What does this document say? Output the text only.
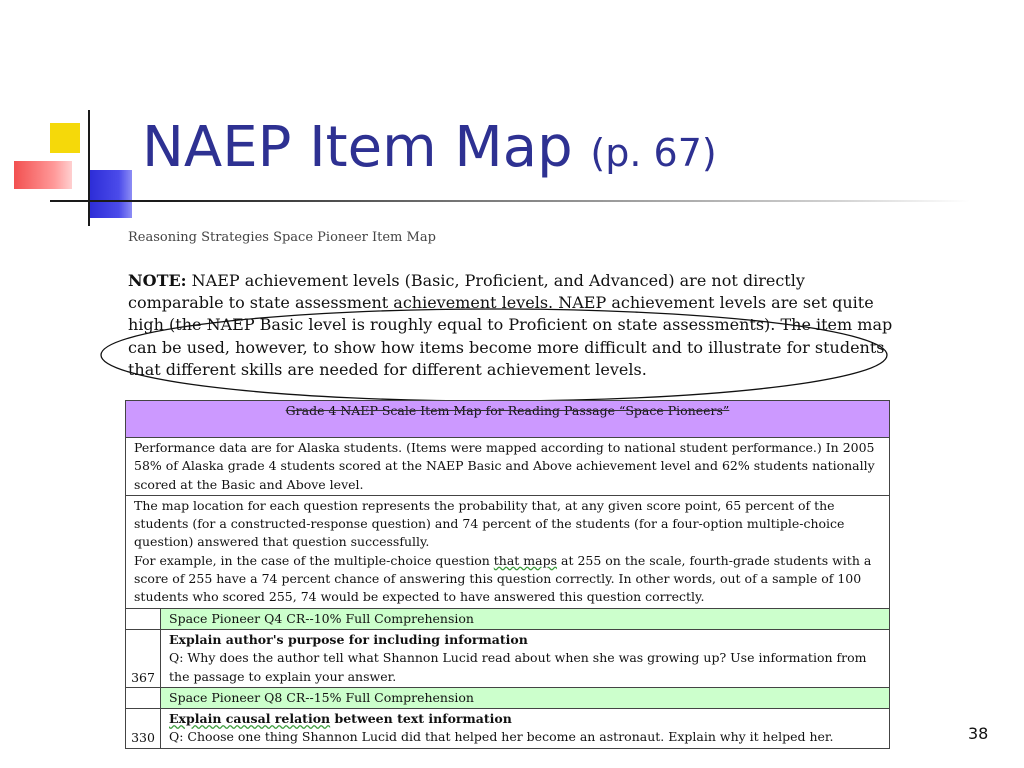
NAEP Item Map (p. 67)
Reasoning Strategies Space Pioneer Item Map
NOTE: NAEP achievement levels (Basic, Proficient, and Advanced) are not directly comparable to state assessment achievement levels. NAEP achievement levels are set quite high (the NAEP Basic level is roughly equal to Proficient on state assessments). The item map can be used, however, to show how items become more difficult and to illustrate for students that different skills are needed for different achievement levels.
Grade 4 NAEP Scale Item Map for Reading Passage “Space Pioneers”	
Performance data are for Alaska students. (Items were mapped according to national student performance.) In 2005 58% of Alaska grade 4 students scored at the NAEP Basic and Above achievement level and 62% students nationally scored at the Basic and Above level.	

The map location for each question represents the probability that, at any given score point, 65 percent of the students (for a constructed-response question) and 74 percent of the students (for a four-option multiple-choice question) answered that question successfully.
For example, in the case of the multiple-choice question that maps at 255 on the scale, fourth-grade students with a score of 255 have a 74 percent chance of answering this question correctly. In other words, out of a sample of 100 students who scored 255, 74 would be expected to have answered this question correctly.	

	Space Pioneer Q4 CR--10% Full Comprehension
367	Explain author's purpose for including information
Q: Why does the author tell what Shannon Lucid read about when she was growing up? Use information from the passage to explain your answer.

	Space Pioneer Q8 CR--15% Full Comprehension
330	Explain causal relation between text information
Q: Choose one thing Shannon Lucid did that helped her become an astronaut. Explain why it helped her.	38
